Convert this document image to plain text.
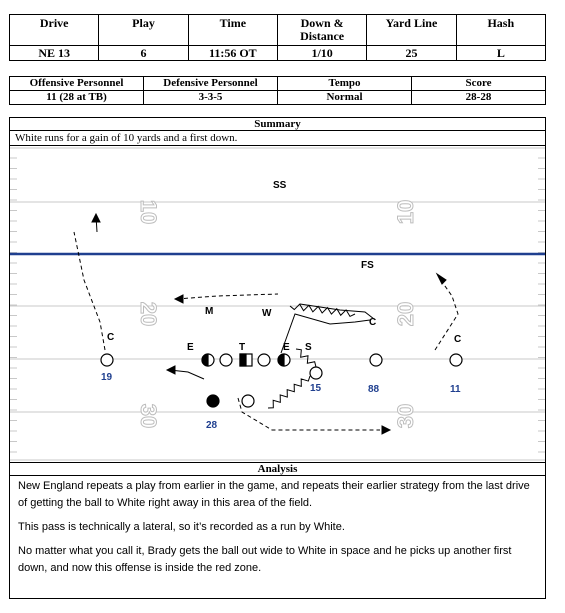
Drive	Play	Time	Down & Distance	Yard Line	Hash
NE 13	6	11:56 OT	1/10	25	L
Offensive Personnel	Defensive Personnel	Tempo	Score
11 (28 at TB)	3-3-5	Normal	28-28
Summary
White runs for a gain of 10 yards and a first down.
10
20
30
10
20
30
SS
FS
M	W
C
C
C
E	T	E S
19
15	88	11
28
Analysis

New England repeats a play from earlier in the game, and repeats their earlier strategy from the last drive of getting the ball to White right away in this area of the field.

This pass is technically a lateral, so it’s recorded as a run by White.

No matter what you call it, Brady gets the ball out wide to White in space and he picks up another first down, and now this offense is inside the red zone.
